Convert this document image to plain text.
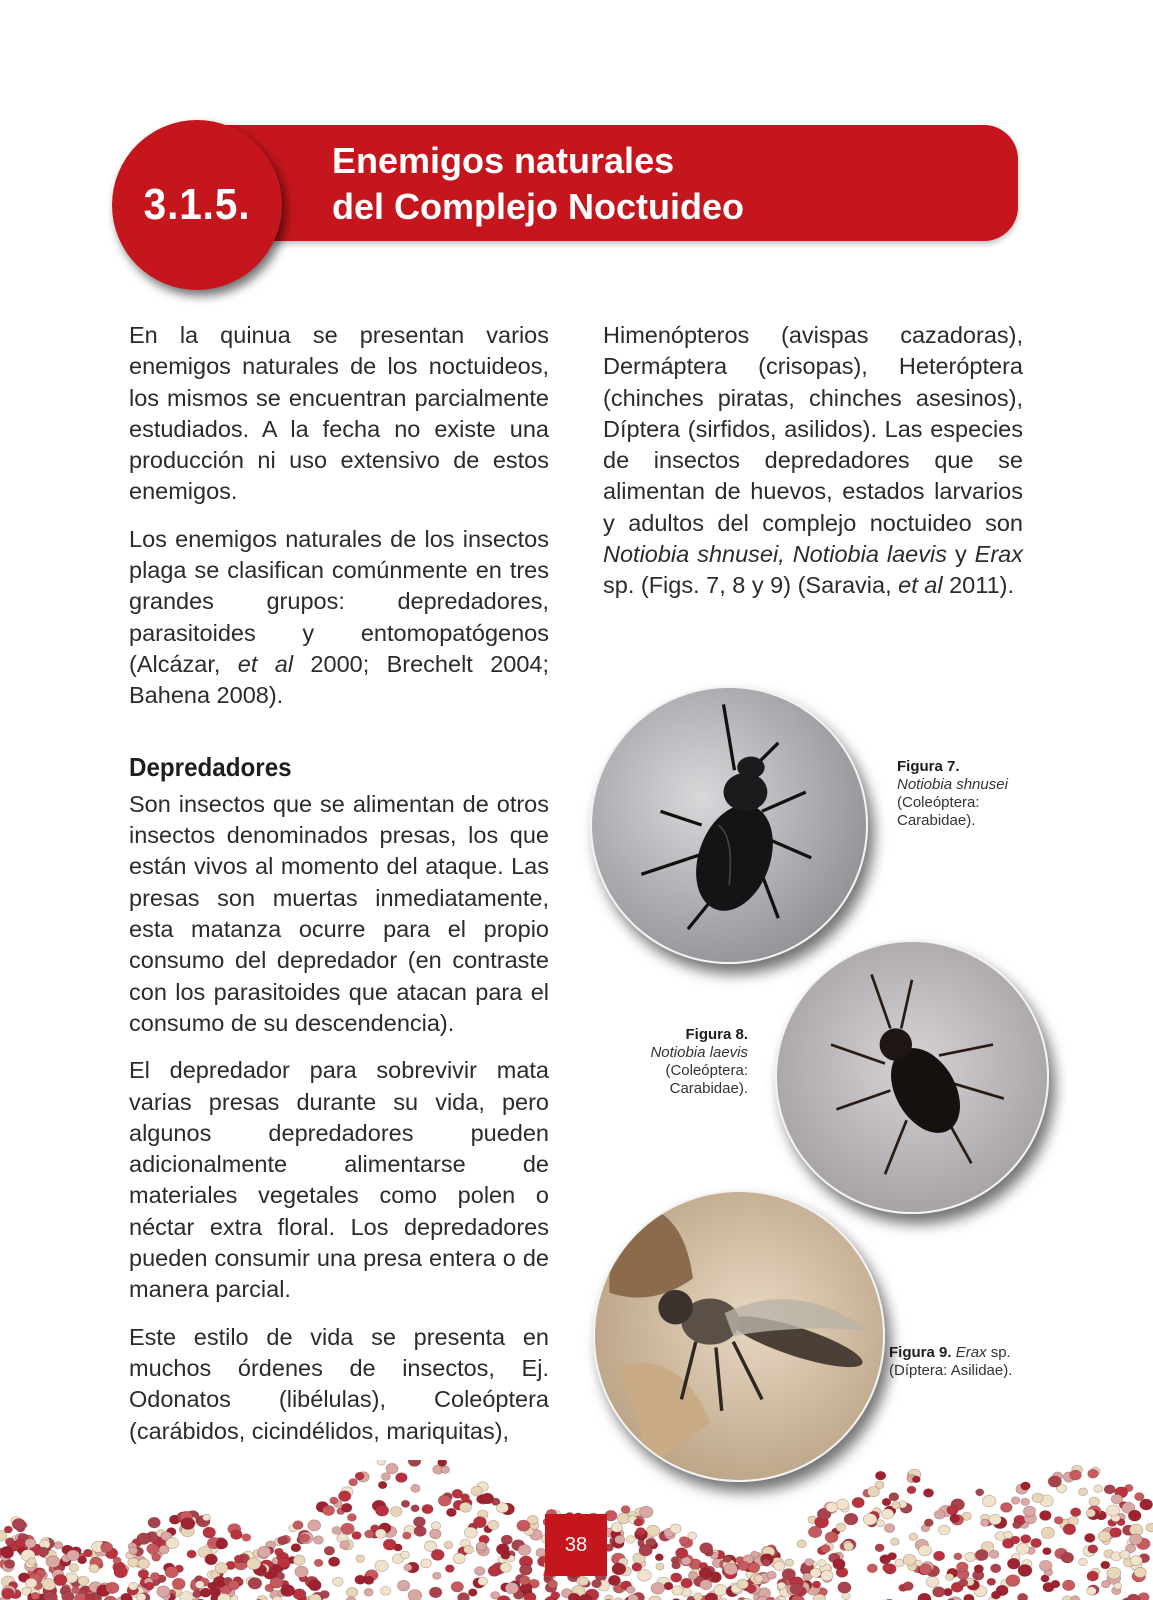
Enemigos naturales
del Complejo Noctuideo
3.1.5.

En la quinua se presentan varios enemigos naturales de los noctuideos, los mismos se encuentran parcialmente estudiados. A la fecha no existe una producción ni uso extensivo de estos enemigos.

Los enemigos naturales de los insectos plaga se clasifican comúnmente en tres grandes grupos: depredadores, parasitoides y entomopatógenos (Alcázar, et al 2000; Brechelt 2004; Bahena 2008).

Depredadores

Son insectos que se alimentan de otros insectos denominados presas, los que están vivos al momento del ataque. Las presas son muertas inmediatamente, esta matanza ocurre para el propio consumo del depredador (en contraste con los parasitoides que atacan para el consumo de su descendencia).

El depredador para sobrevivir mata varias presas durante su vida, pero algunos depredadores pueden adicionalmente alimentarse de materiales vegetales como polen o néctar extra floral. Los depredadores pueden consumir una presa entera o de manera parcial.

Este estilo de vida se presenta en muchos órdenes de insectos, Ej. Odonatos (libélulas), Coleóptera (carábidos, cicindélidos, mariquitas),

Himenópteros (avispas cazadoras), Dermáptera (crisopas), Heteróptera (chinches piratas, chinches asesinos), Díptera (sirfidos, asilidos). Las especies de insectos depredadores que se alimentan de huevos, estados larvarios y adultos del complejo noctuideo son Notiobia shnusei, Notiobia laevis y Erax sp. (Figs. 7, 8 y 9) (Saravia, et al 2011).

Figura 7.
Notiobia shnusei
(Coleóptera: Carabidae).
Figura 8.
Notiobia laevis
(Coleóptera: Carabidae).
Figura 9. Erax sp.
(Díptera: Asilidae).
38
